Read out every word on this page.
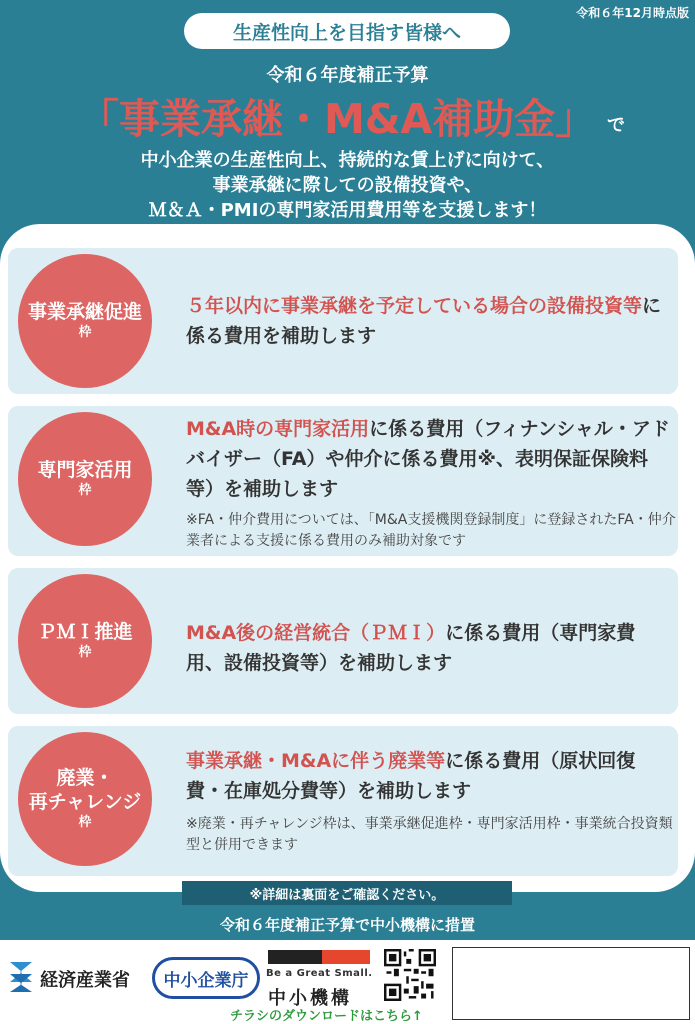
令和６年12月時点版
生産性向上を目指す皆様へ
令和６年度補正予算
「事業承継・M&A補助金」 で
中小企業の生産性向上、持続的な賃上げに向けて、
事業承継に際しての設備投資や、
Ｍ＆Ａ・PMIの専門家活用費用等を支援します！
事業承継促進
枠
５年以内に事業承継を予定している場合の設備投資等に係る費用を補助します
専門家活用
枠
M&A時の専門家活用に係る費用（フィナンシャル・アドバイザー（FA）や仲介に係る費用※、表明保証保険料等）を補助します
※FA・仲介費用については、「M&A支援機関登録制度」に登録されたFA・仲介業者による支援に係る費用のみ補助対象です
ＰＭＩ推進
枠
M&A後の経営統合（ＰＭＩ）に係る費用（専門家費用、設備投資等）を補助します
廃業・
再チャレンジ
枠
事業承継・M&Aに伴う廃業等に係る費用（原状回復費・在庫処分費等）を補助します
※廃業・再チャレンジ枠は、事業承継促進枠・専門家活用枠・事業統合投資類型と併用できます
※詳細は裏面をご確認ください。
令和６年度補正予算で中小機構に措置
経済産業省	中小企業庁	Be a Great Small.
中小機構
チラシのダウンロードはこちら↑
